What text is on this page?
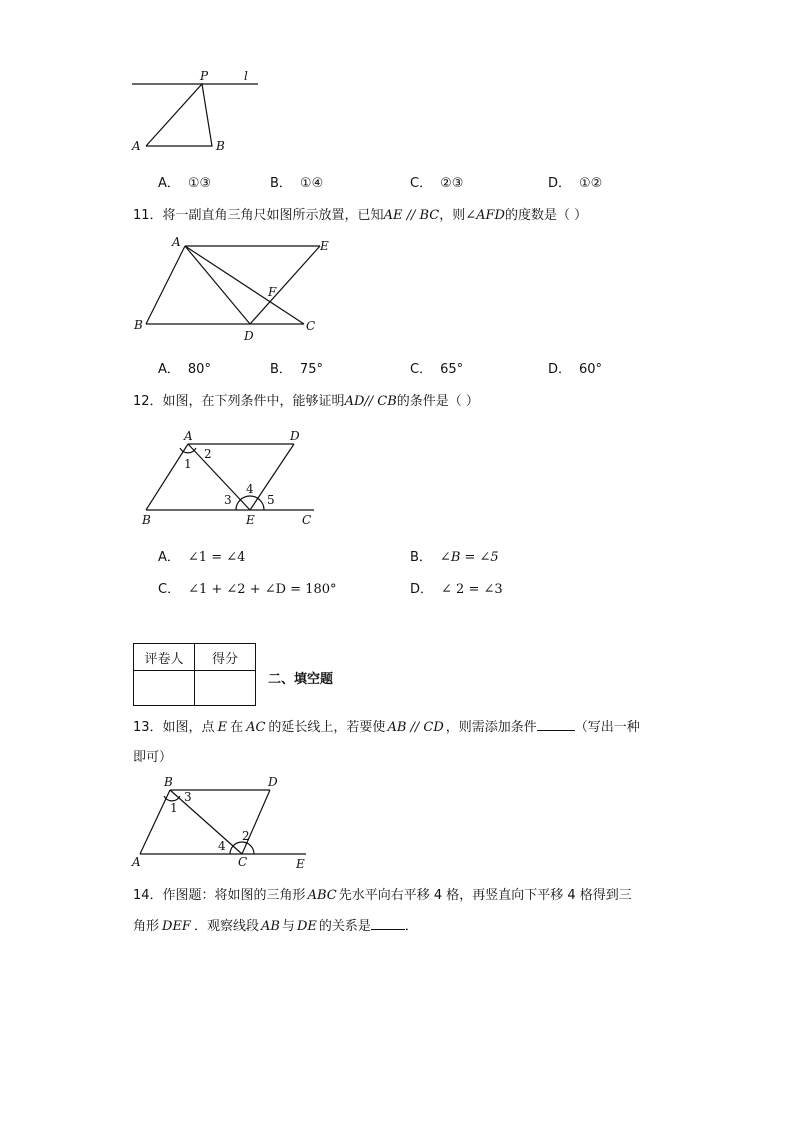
P	l
A	B
A． ①③	B． ①④	C． ②③	D． ①②
11．将一副直角三角尺如图所示放置，已知AE // BC，则∠AFD的度数是（ ）
A	E
F
B
D
C
A． 80°	B． 75°	C． 65°	D． 60°
12．如图，在下列条件中，能够证明AD// CB的条件是（ ）
A	D
B	E	C
1
2
3
4
5
A． ∠1 = ∠4	B． ∠B = ∠5
C． ∠1 + ∠2 + ∠D = 180°	D． ∠ 2 = ∠3
评卷人	得分

二、填空题
13．如图，点 E 在 AC 的延长线上，若要使 AB // CD ，则需添加条件	（写出一种
即可）
B	D
A	C	E
1
2
3
4
14．作图题：将如图的三角形 ABC 先水平向右平移 4 格，再竖直向下平移 4 格得到三
角形 DEF ．观察线段 AB 与 DE 的关系是	．
